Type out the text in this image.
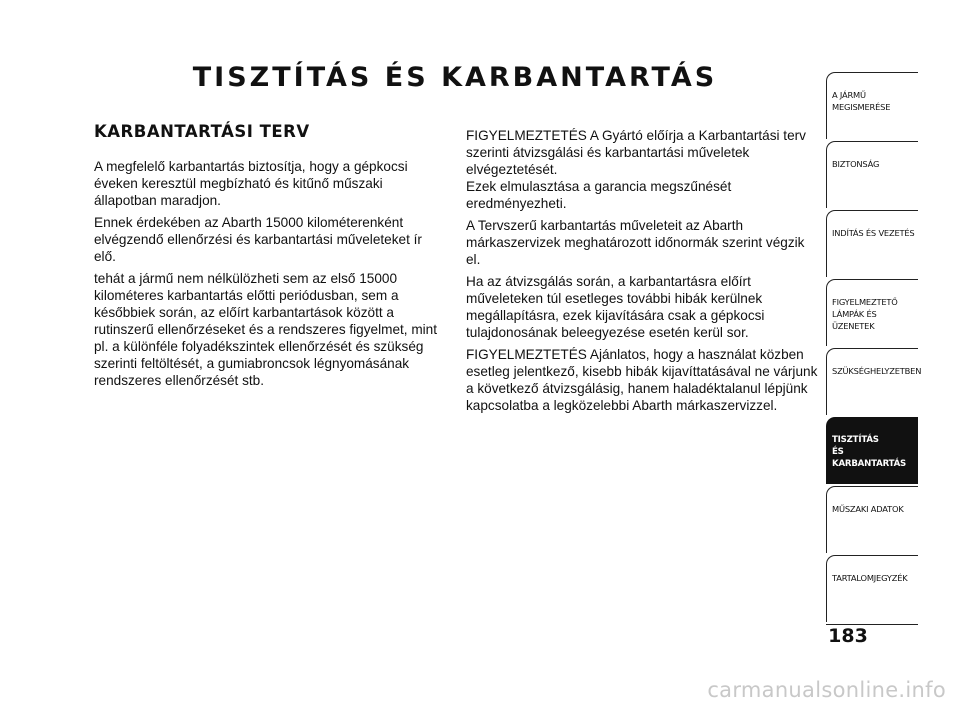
TISZTÍTÁS ÉS KARBANTARTÁS
KARBANTARTÁSI TERV

A megfelelő karbantartás biztosítja, hogy a gépkocsi éveken keresztül megbízható és kitűnő műszaki állapotban maradjon.

Ennek érdekében az Abarth 15000 kilométerenként elvégzendő ellenőrzési és karbantartási műveleteket ír elő.

tehát a jármű nem nélkülözheti sem az első 15000 kilométeres karbantartás előtti periódusban, sem a későbbiek során, az előírt karbantartások között a rutinszerű ellenőrzéseket és a rendszeres figyelmet, mint pl. a különféle folyadékszintek ellenőrzését és szükség szerinti feltöltését, a gumiabroncsok légnyomásának rendszeres ellenőrzését stb.

FIGYELMEZTETÉS A Gyártó előírja a Karbantartási terv szerinti átvizsgálási és karbantartási műveletek elvégeztetését.

Ezek elmulasztása a garancia megszűnését eredményezheti.

A Tervszerű karbantartás műveleteit az Abarth márkaszervizek meghatározott időnormák szerint végzik el.

Ha az átvizsgálás során, a karbantartásra előírt műveleteken túl esetleges további hibák kerülnek megállapításra, ezek kijavítására csak a gépkocsi tulajdonosának beleegyezése esetén kerül sor.

FIGYELMEZTETÉS Ajánlatos, hogy a használat közben esetleg jelentkező, kisebb hibák kijavíttatásával ne várjunk a következő átvizsgálásig, hanem haladéktalanul lépjünk kapcsolatba a legközelebbi Abarth márkaszervizzel.

A JÁRMŰ
MEGISMERÉSE
BIZTONSÁG
INDÍTÁS ÉS VEZETÉS
FIGYELMEZTETŐ
LÁMPÁK ÉS ÜZENETEK
SZÜKSÉGHELYZETBEN
TISZTÍTÁS
ÉS KARBANTARTÁS
MŰSZAKI ADATOK
TARTALOMJEGYZÉK
183
carmanualsonline.info
